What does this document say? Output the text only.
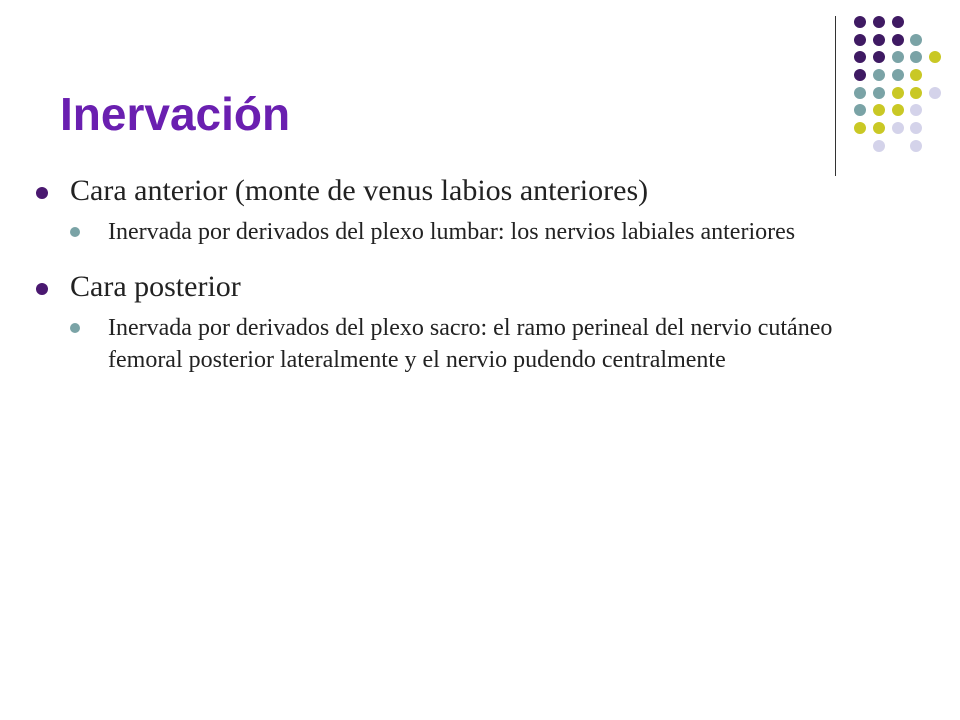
Inervación
Cara anterior (monte de venus labios anteriores)
Inervada por derivados del plexo lumbar: los nervios labiales anteriores
Cara posterior
Inervada por derivados del plexo sacro: el ramo perineal del nervio cutáneo femoral posterior lateralmente y el nervio pudendo centralmente
